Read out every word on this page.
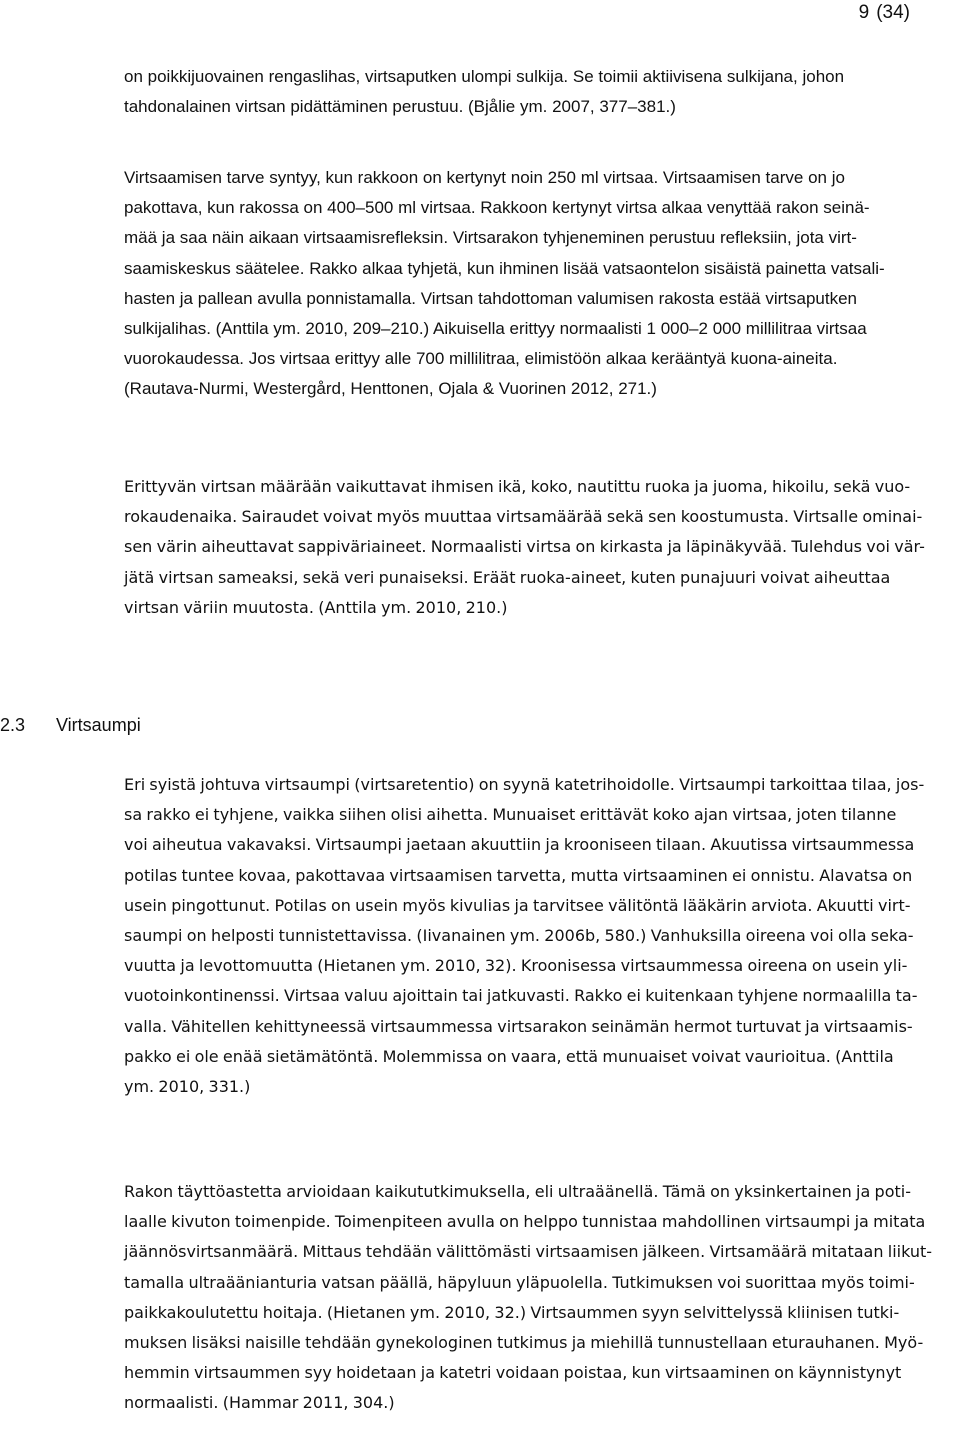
9 (34)

on poikkijuovainen rengaslihas, virtsaputken ulompi sulkija. Se toimii aktiivisena sulkijana, johon
tahdonalainen virtsan pidättäminen perustuu. (Bjålie ym. 2007, 377–381.)

Virtsaamisen tarve syntyy, kun rakkoon on kertynyt noin 250 ml virtsaa. Virtsaamisen tarve on jo
pakottava, kun rakossa on 400–500 ml virtsaa. Rakkoon kertynyt virtsa alkaa venyttää rakon seinä-
mää ja saa näin aikaan virtsaamisrefleksin. Virtsarakon tyhjeneminen perustuu refleksiin, jota virt-
saamiskeskus säätelee. Rakko alkaa tyhjetä, kun ihminen lisää vatsaontelon sisäistä painetta vatsali-
hasten ja pallean avulla ponnistamalla. Virtsan tahdottoman valumisen rakosta estää virtsaputken
sulkijalihas. (Anttila ym. 2010, 209–210.) Aikuisella erittyy normaalisti 1 000–2 000 millilitraa virtsaa
vuorokaudessa. Jos virtsaa erittyy alle 700 millilitraa, elimistöön alkaa kerääntyä kuona-aineita.
(Rautava-Nurmi, Westergård, Henttonen, Ojala & Vuorinen 2012, 271.)

Erittyvän virtsan määrään vaikuttavat ihmisen ikä, koko, nautittu ruoka ja juoma, hikoilu, sekä vuo-
rokaudenaika. Sairaudet voivat myös muuttaa virtsamäärää sekä sen koostumusta. Virtsalle ominai-
sen värin aiheuttavat sappiväriaineet. Normaalisti virtsa on kirkasta ja läpinäkyvää. Tulehdus voi vär-
jätä virtsan sameaksi, sekä veri punaiseksi. Eräät ruoka-aineet, kuten punajuuri voivat aiheuttaa
virtsan väriin muutosta. (Anttila ym. 2010, 210.)

2.3 Virtsaumpi

Eri syistä johtuva virtsaumpi (virtsaretentio) on syynä katetrihoidolle. Virtsaumpi tarkoittaa tilaa, jos-
sa rakko ei tyhjene, vaikka siihen olisi aihetta. Munuaiset erittävät koko ajan virtsaa, joten tilanne
voi aiheutua vakavaksi. Virtsaumpi jaetaan akuuttiin ja krooniseen tilaan. Akuutissa virtsaummessa
potilas tuntee kovaa, pakottavaa virtsaamisen tarvetta, mutta virtsaaminen ei onnistu. Alavatsa on
usein pingottunut. Potilas on usein myös kivulias ja tarvitsee välitöntä lääkärin arviota. Akuutti virt-
saumpi on helposti tunnistettavissa. (Iivanainen ym. 2006b, 580.) Vanhuksilla oireena voi olla seka-
vuutta ja levottomuutta (Hietanen ym. 2010, 32). Kroonisessa virtsaummessa oireena on usein yli-
vuotoinkontinenssi. Virtsaa valuu ajoittain tai jatkuvasti. Rakko ei kuitenkaan tyhjene normaalilla ta-
valla. Vähitellen kehittyneessä virtsaummessa virtsarakon seinämän hermot turtuvat ja virtsaamis-
pakko ei ole enää sietämätöntä. Molemmissa on vaara, että munuaiset voivat vaurioitua. (Anttila
ym. 2010, 331.)

Rakon täyttöastetta arvioidaan kaikututkimuksella, eli ultraäänellä. Tämä on yksinkertainen ja poti-
laalle kivuton toimenpide. Toimenpiteen avulla on helppo tunnistaa mahdollinen virtsaumpi ja mitata
jäännösvirtsanmäärä. Mittaus tehdään välittömästi virtsaamisen jälkeen. Virtsamäärä mitataan liikut-
tamalla ultraäänianturia vatsan päällä, häpyluun yläpuolella. Tutkimuksen voi suorittaa myös toimi-
paikkakoulutettu hoitaja. (Hietanen ym. 2010, 32.) Virtsaummen syyn selvittelyssä kliinisen tutki-
muksen lisäksi naisille tehdään gynekologinen tutkimus ja miehillä tunnustellaan eturauhanen. Myö-
hemmin virtsaummen syy hoidetaan ja katetri voidaan poistaa, kun virtsaaminen on käynnistynyt
normaalisti. (Hammar 2011, 304.)
